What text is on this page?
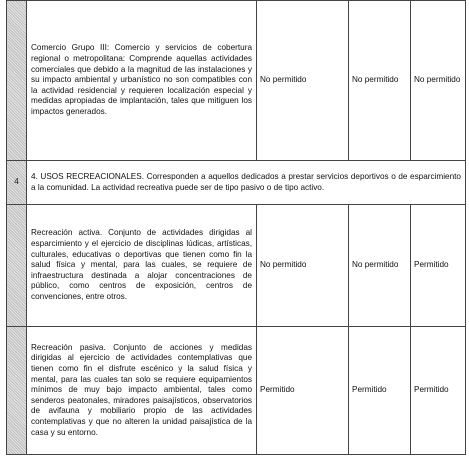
	Comercio Grupo III: Comercio y servicios de cobertura regional o metropolitana: Comprende aquellas actividades comerciales que debido a la magnitud de las instalaciones y su impacto ambiental y urbanístico no son compatibles con la actividad residencial y requieren localización especial y medidas apropiadas de implantación, tales que mitiguen los impactos generados.	No permitido	No permitido	No permitido
4	4. USOS RECREACIONALES. Corresponden a aquellos dedicados a prestar servicios deportivos o de esparcimiento a la comunidad. La actividad recreativa puede ser de tipo pasivo o de tipo activo.			

	Recreación activa. Conjunto de actividades dirigidas al esparcimiento y el ejercicio de disciplinas lúdicas, artísticas, culturales, educativas o deportivas que tienen como fin la salud física y mental, para las cuales, se requiere de infraestructura destinada a alojar concentraciones de público, como centros de exposición, centros de convenciones, entre otros.	No permitido	No permitido	Permitido

	Recreación pasiva. Conjunto de acciones y medidas dirigidas al ejercicio de actividades contemplativas que tienen como fin el disfrute escénico y la salud física y mental, para las cuales tan solo se requiere equipamientos mínimos de muy bajo impacto ambiental, tales como senderos peatonales, miradores paisajísticos, observatorios de avifauna y mobiliario propio de las actividades contemplativas y que no alteren la unidad paisajística de la casa y su entorno.	Permitido	Permitido	Permitido
